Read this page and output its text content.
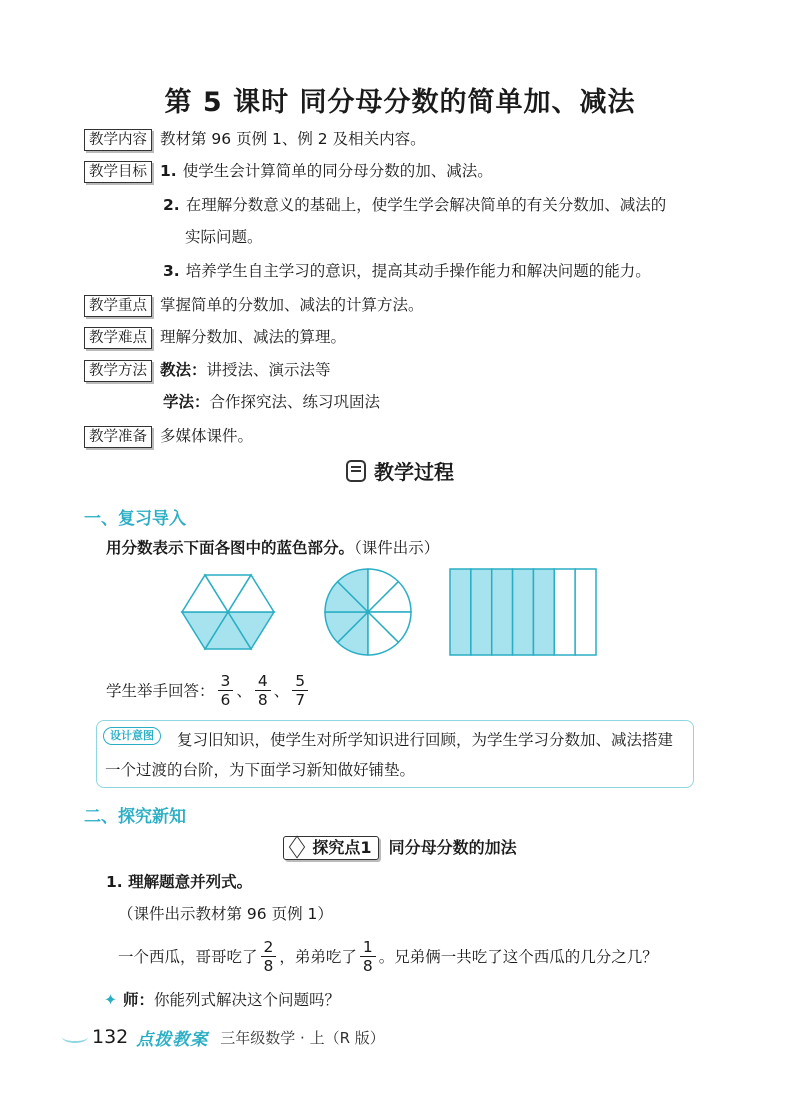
第 5 课时 同分母分数的简单加、减法
教学内容 教材第 96 页例 1、例 2 及相关内容。
教学目标 1. 使学生会计算简单的同分母分数的加、减法。
2. 在理解分数意义的基础上，使学生学会解决简单的有关分数加、减法的
实际问题。
3. 培养学生自主学习的意识，提高其动手操作能力和解决问题的能力。
教学重点 掌握简单的分数加、减法的计算方法。
教学难点 理解分数加、减法的算理。
教学方法 教法：讲授法、演示法等
学法：合作探究法、练习巩固法
教学准备 多媒体课件。
教学过程
一、复习导入
用分数表示下面各图中的蓝色部分。（课件出示）
学生举手回答： $\frac{3}{6}$ 、 $\frac{4}{8}$ 、 $\frac{5}{7}$
复习旧知识，使学生对所学知识进行回顾，为学生学习分数加、减法搭建一个过渡的台阶，为下面学习新知做好铺垫。
设计意图
二、探究新知
探究点1 同分母分数的加法
1. 理解题意并列式。
（课件出示教材第 96 页例 1）
一个西瓜，哥哥吃了 $\frac{2}{8}$ ，弟弟吃了 $\frac{1}{8}$ 。兄弟俩一共吃了这个西瓜的几分之几？
✦ 师：你能列式解决这个问题吗？
132 点拨教案 三年级数学 · 上（R 版）
